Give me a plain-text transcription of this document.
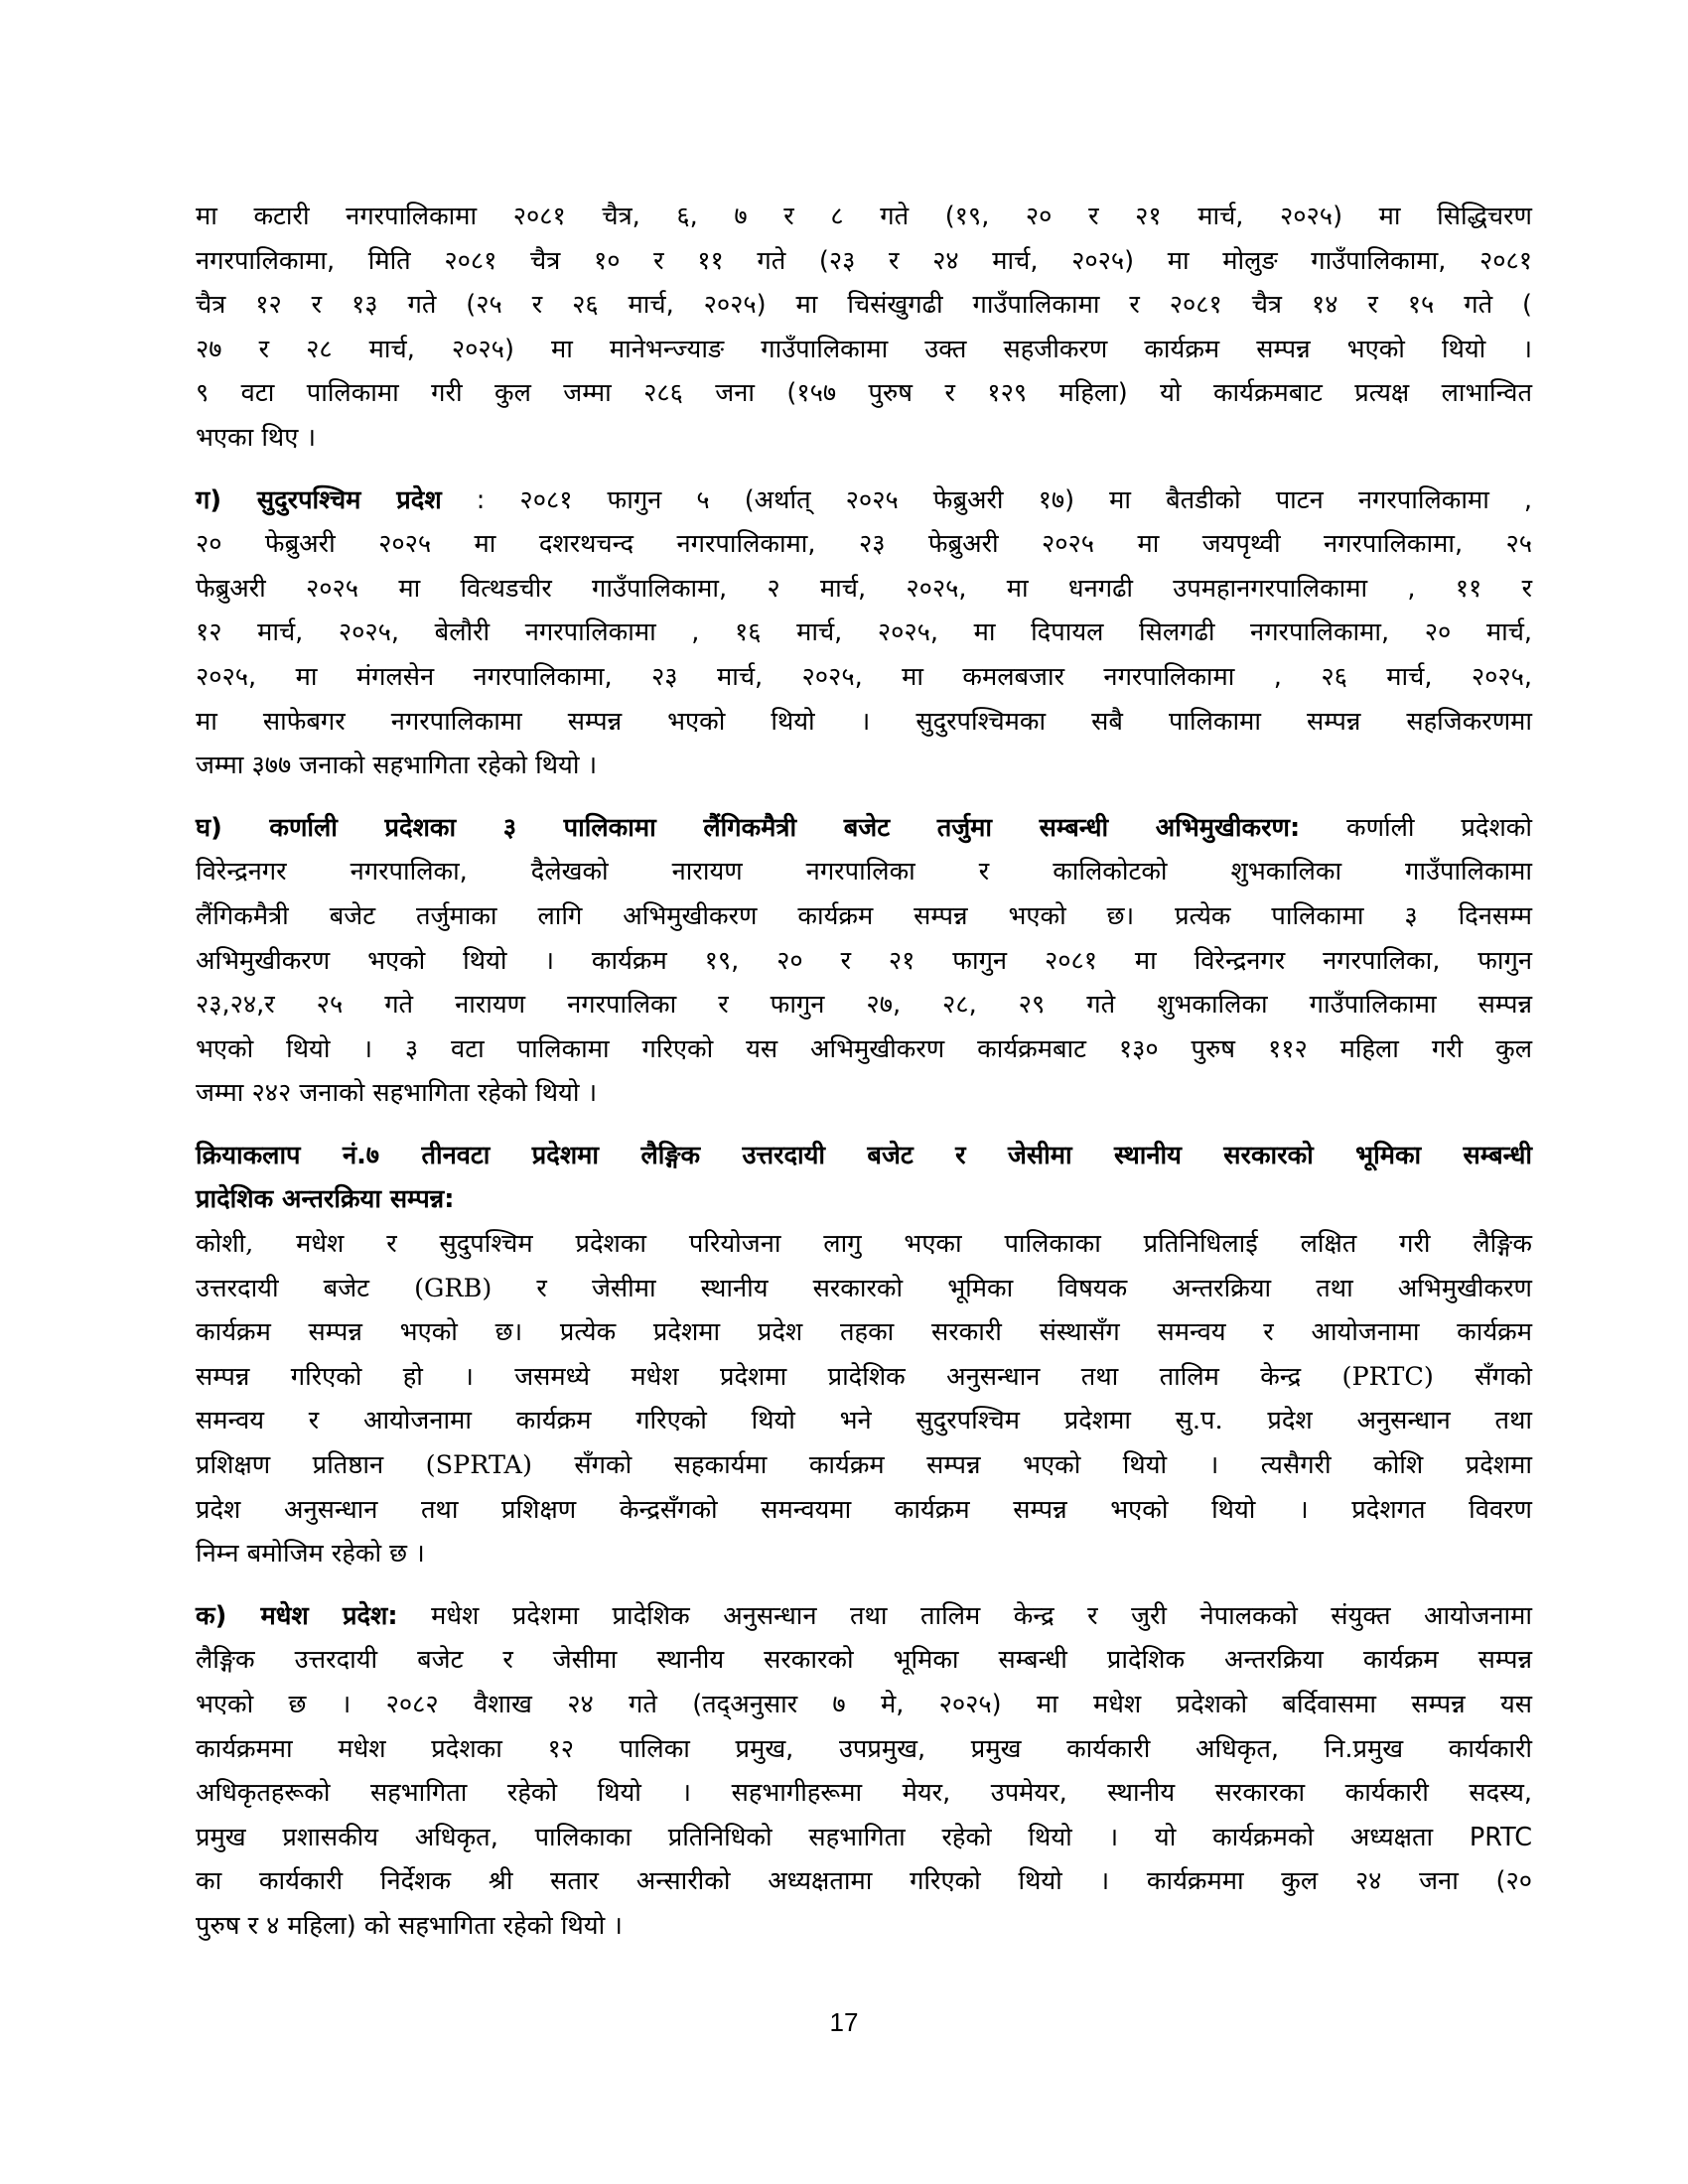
मा कटारी नगरपालिकामा २०८१ चैत्र, ६, ७ र ८ गते (१९, २० र २१ मार्च, २०२५) मा सिद्धिचरण
नगरपालिकामा, मिति २०८१ चैत्र १० र ११ गते (२३ र २४ मार्च, २०२५) मा मोलुङ गाउँपालिकामा, २०८१
चैत्र १२ र १३ गते (२५ र २६ मार्च, २०२५) मा चिसंखुगढी गाउँपालिकामा र २०८१ चैत्र १४ र १५ गते (
२७ र २८ मार्च, २०२५) मा मानेभन्ज्याङ गाउँपालिकामा उक्त सहजीकरण कार्यक्रम सम्पन्न भएको थियो ।
९ वटा पालिकामा गरी कुल जम्मा २८६ जना (१५७ पुरुष र १२९ महिला) यो कार्यक्रमबाट प्रत्यक्ष लाभान्वित
भएका थिए ।

ग) सुदुरपश्चिम प्रदेश : २०८१ फागुन ५ (अर्थात् २०२५ फेब्रुअरी १७) मा बैतडीको पाटन नगरपालिकामा ,
२० फेब्रुअरी २०२५ मा दशरथचन्द नगरपालिकामा, २३ फेब्रुअरी २०२५ मा जयपृथ्वी नगरपालिकामा, २५
फेब्रुअरी २०२५ मा वित्थडचीर गाउँपालिकामा, २ मार्च, २०२५, मा धनगढी उपमहानगरपालिकामा , ११ र
१२ मार्च, २०२५, बेलौरी नगरपालिकामा , १६ मार्च, २०२५, मा दिपायल सिलगढी नगरपालिकामा, २० मार्च,
२०२५, मा मंगलसेन नगरपालिकामा, २३ मार्च, २०२५, मा कमलबजार नगरपालिकामा , २६ मार्च, २०२५,
मा साफेबगर नगरपालिकामा सम्पन्न भएको थियो । सुदुरपश्चिमका सबै पालिकामा सम्पन्न सहजिकरणमा
जम्मा ३७७ जनाको सहभागिता रहेको थियो ।

घ) कर्णाली प्रदेशका ३ पालिकामा लैंगिकमैत्री बजेट तर्जुमा सम्बन्धी अभिमुखीकरण: कर्णाली प्रदेशको
विरेन्द्रनगर नगरपालिका, दैलेखको नारायण नगरपालिका र कालिकोटको शुभकालिका गाउँपालिकामा
लैंगिकमैत्री बजेट तर्जुमाका लागि अभिमुखीकरण कार्यक्रम सम्पन्न भएको छ। प्रत्येक पालिकामा ३ दिनसम्म
अभिमुखीकरण भएको थियो । कार्यक्रम १९, २० र २१ फागुन २०८१ मा विरेन्द्रनगर नगरपालिका, फागुन
२३,२४,र २५ गते नारायण नगरपालिका र फागुन २७, २८, २९ गते शुभकालिका गाउँपालिकामा सम्पन्न
भएको थियो । ३ वटा पालिकामा गरिएको यस अभिमुखीकरण कार्यक्रमबाट १३० पुरुष ११२ महिला गरी कुल
जम्मा २४२ जनाको सहभागिता रहेको थियो ।

क्रियाकलाप नं.७ तीनवटा प्रदेशमा लैङ्गिक उत्तरदायी बजेट र जेसीमा स्थानीय सरकारको भूमिका सम्बन्धी
प्रादेशिक अन्तरक्रिया सम्पन्न:

कोशी, मधेश र सुदुपश्चिम प्रदेशका परियोजना लागु भएका पालिकाका प्रतिनिधिलाई लक्षित गरी लैङ्गिक
उत्तरदायी बजेट (GRB) र जेसीमा स्थानीय सरकारको भूमिका विषयक अन्तरक्रिया तथा अभिमुखीकरण
कार्यक्रम सम्पन्न भएको छ। प्रत्येक प्रदेशमा प्रदेश तहका सरकारी संस्थासँग समन्वय र आयोजनामा कार्यक्रम
सम्पन्न गरिएको हो । जसमध्ये मधेश प्रदेशमा प्रादेशिक अनुसन्धान तथा तालिम केन्द्र (PRTC) सँगको
समन्वय र आयोजनामा कार्यक्रम गरिएको थियो भने सुदुरपश्चिम प्रदेशमा सु.प. प्रदेश अनुसन्धान तथा
प्रशिक्षण प्रतिष्ठान (SPRTA) सँगको सहकार्यमा कार्यक्रम सम्पन्न भएको थियो । त्यसैगरी कोशि प्रदेशमा
प्रदेश अनुसन्धान तथा प्रशिक्षण केन्द्रसँगको समन्वयमा कार्यक्रम सम्पन्न भएको थियो । प्रदेशगत विवरण
निम्न बमोजिम रहेको छ ।

क) मधेश प्रदेश: मधेश प्रदेशमा प्रादेशिक अनुसन्धान तथा तालिम केन्द्र र जुरी नेपालकको संयुक्त आयोजनामा
लैङ्गिक उत्तरदायी बजेट र जेसीमा स्थानीय सरकारको भूमिका सम्बन्धी प्रादेशिक अन्तरक्रिया कार्यक्रम सम्पन्न
भएको छ । २०८२ वैशाख २४ गते (तद्अनुसार ७ मे, २०२५) मा मधेश प्रदेशको बर्दिवासमा सम्पन्न यस
कार्यक्रममा मधेश प्रदेशका १२ पालिका प्रमुख, उपप्रमुख, प्रमुख कार्यकारी अधिकृत, नि.प्रमुख कार्यकारी
अधिकृतहरूको सहभागिता रहेको थियो । सहभागीहरूमा मेयर, उपमेयर, स्थानीय सरकारका कार्यकारी सदस्य,
प्रमुख प्रशासकीय अधिकृत, पालिकाका प्रतिनिधिको सहभागिता रहेको थियो । यो कार्यक्रमको अध्यक्षता PRTC
का कार्यकारी निर्देशक श्री सतार अन्सारीको अध्यक्षतामा गरिएको थियो । कार्यक्रममा कुल २४ जना (२०
पुरुष र ४ महिला) को सहभागिता रहेको थियो ।

17
